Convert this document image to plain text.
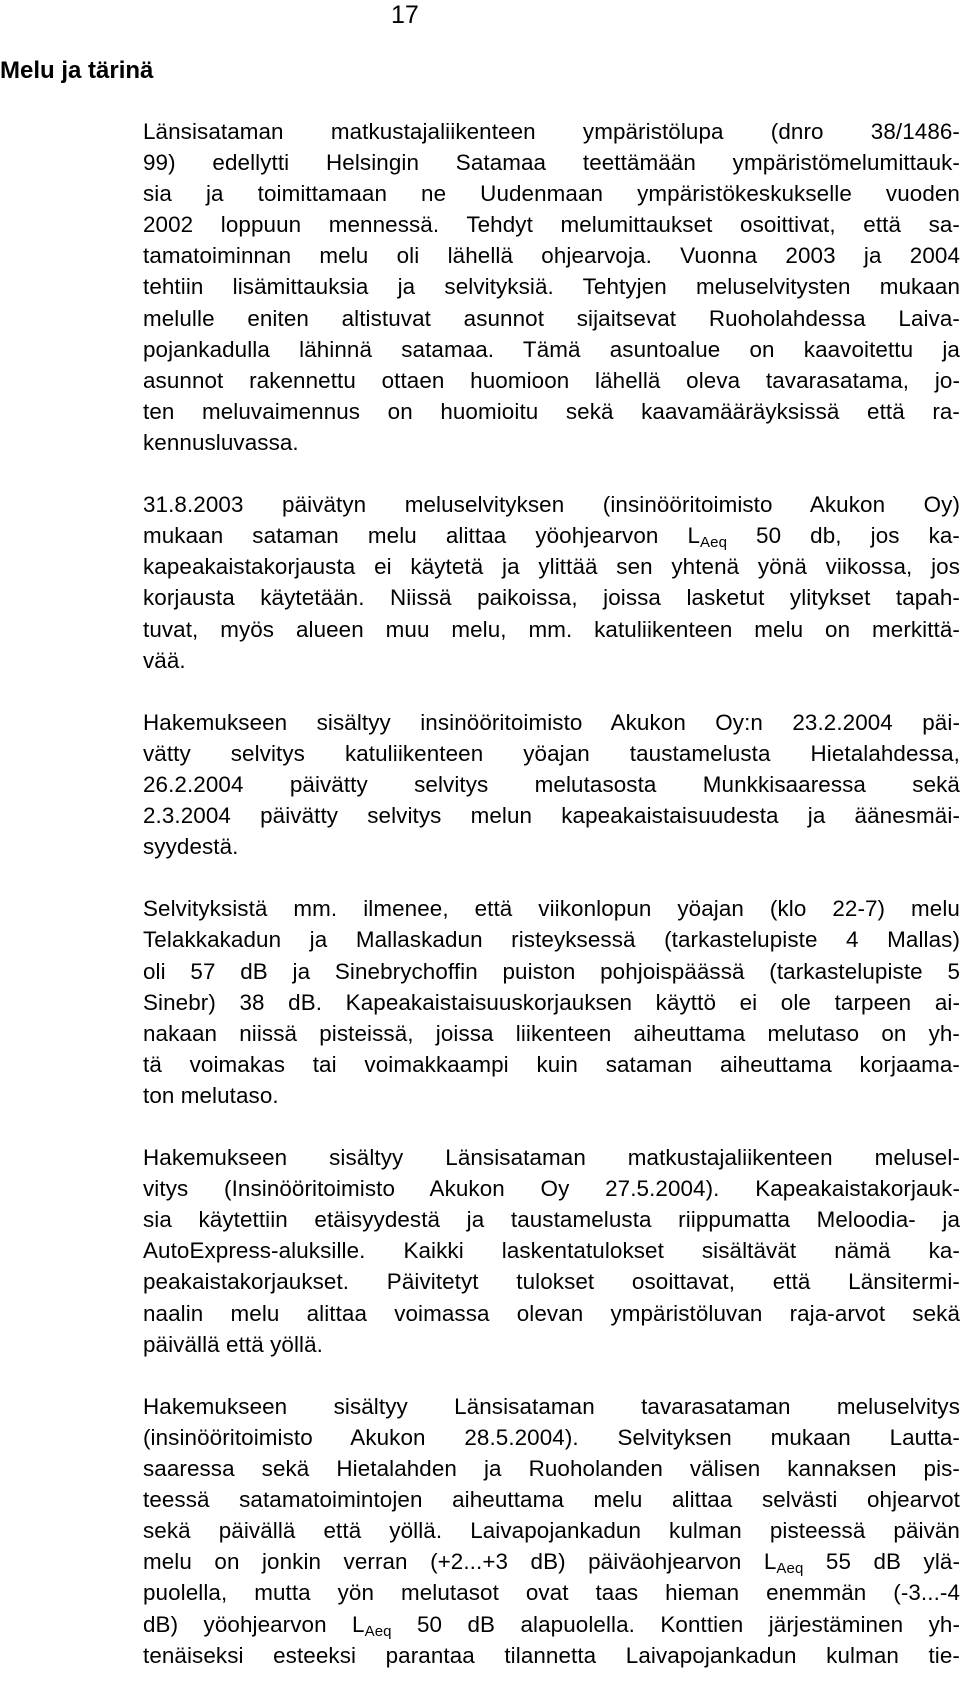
17
Melu ja tärinä
Länsisataman matkustajaliikenteen ympäristölupa (dnro 38/1486-
99) edellytti Helsingin Satamaa teettämään ympäristömelumittauk-
sia ja toimittamaan ne Uudenmaan ympäristökeskukselle vuoden
2002 loppuun mennessä. Tehdyt melumittaukset osoittivat, että sa-
tamatoiminnan melu oli lähellä ohjearvoja. Vuonna 2003 ja 2004
tehtiin lisämittauksia ja selvityksiä. Tehtyjen meluselvitysten mukaan
melulle eniten altistuvat asunnot sijaitsevat Ruoholahdessa Laiva-
pojankadulla lähinnä satamaa. Tämä asuntoalue on kaavoitettu ja
asunnot rakennettu ottaen huomioon lähellä oleva tavarasatama, jo-
ten meluvaimennus on huomioitu sekä kaavamääräyksissä että ra-
kennusluvassa.
31.8.2003 päivätyn meluselvityksen (insinööritoimisto Akukon Oy)
mukaan sataman melu alittaa yöohjearvon $L_{Aeq}$ 50 db, jos ka-
kapeakaistakorjausta ei käytetä ja ylittää sen yhtenä yönä viikossa, jos
korjausta käytetään. Niissä paikoissa, joissa lasketut ylitykset tapah-
tuvat, myös alueen muu melu, mm. katuliikenteen melu on merkittä-
vää.
Hakemukseen sisältyy insinööritoimisto Akukon Oy:n 23.2.2004 päi-
vätty selvitys katuliikenteen yöajan taustamelusta Hietalahdessa,
26.2.2004 päivätty selvitys melutasosta Munkkisaaressa sekä
2.3.2004 päivätty selvitys melun kapeakaistaisuudesta ja äänesmäi-
syydestä.
Selvityksistä mm. ilmenee, että viikonlopun yöajan (klo 22-7) melu
Telakkakadun ja Mallaskadun risteyksessä (tarkastelupiste 4 Mallas)
oli 57 dB ja Sinebrychoffin puiston pohjoispäässä (tarkastelupiste 5
Sinebr) 38 dB. Kapeakaistaisuuskorjauksen käyttö ei ole tarpeen ai-
nakaan niissä pisteissä, joissa liikenteen aiheuttama melutaso on yh-
tä voimakas tai voimakkaampi kuin sataman aiheuttama korjaama-
ton melutaso.
Hakemukseen sisältyy Länsisataman matkustajaliikenteen melusel-
vitys (Insinööritoimisto Akukon Oy 27.5.2004). Kapeakaistakorjauk-
sia käytettiin etäisyydestä ja taustamelusta riippumatta Meloodia- ja
AutoExpress-aluksille. Kaikki laskentatulokset sisältävät nämä ka-
peakaistakorjaukset. Päivitetyt tulokset osoittavat, että Länsitermi-
naalin melu alittaa voimassa olevan ympäristöluvan raja-arvot sekä
päivällä että yöllä.
Hakemukseen sisältyy Länsisataman tavarasataman meluselvitys
(insinööritoimisto Akukon 28.5.2004). Selvityksen mukaan Lautta-
saaressa sekä Hietalahden ja Ruoholanden välisen kannaksen pis-
teessä satamatoimintojen aiheuttama melu alittaa selvästi ohjearvot
sekä päivällä että yöllä. Laivapojankadun kulman pisteessä päivän
melu on jonkin verran (+2...+3 dB) päiväohjearvon $L_{Aeq}$ 55 dB ylä-
puolella, mutta yön melutasot ovat taas hieman enemmän (-3...-4
dB) yöohjearvon $L_{Aeq}$ 50 dB alapuolella. Konttien järjestäminen yh-
tenäiseksi esteeksi parantaa tilannetta Laivapojankadun kulman tie-
